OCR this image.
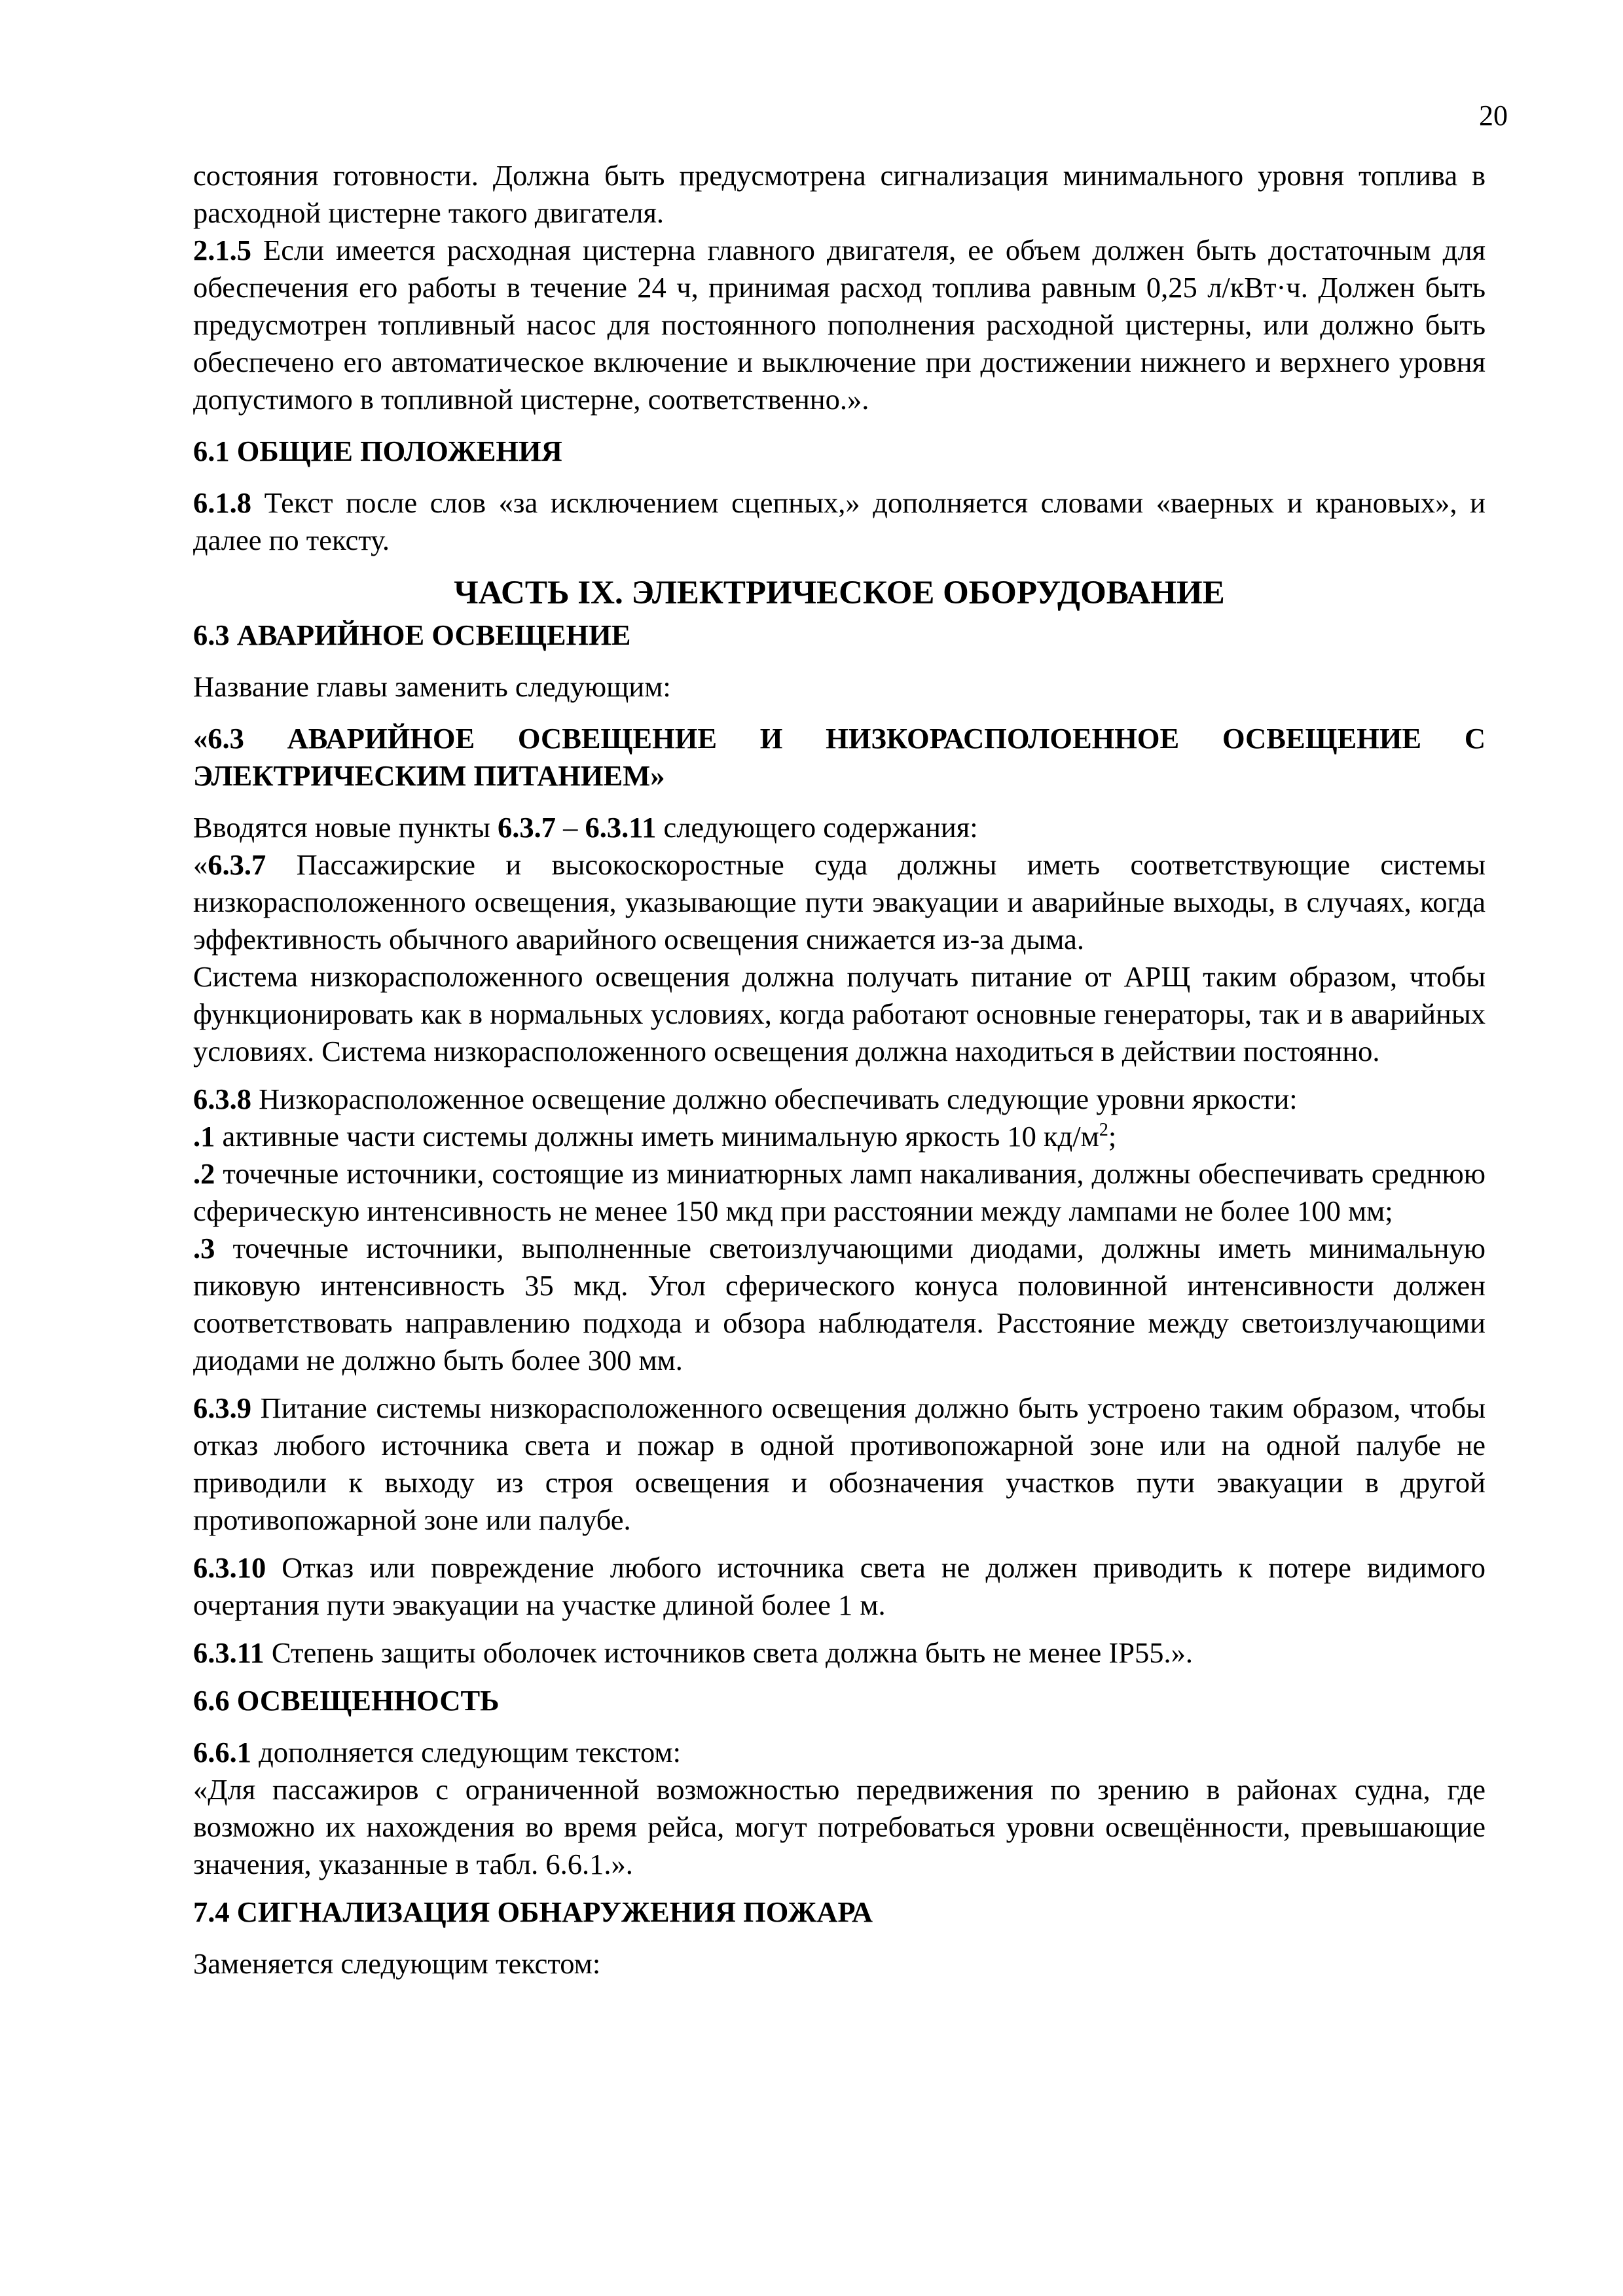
20

состояния готовности. Должна быть предусмотрена сигнализация минимального уровня топлива в расходной цистерне такого двигателя.

2.1.5 Если имеется расходная цистерна главного двигателя, ее объем должен быть достаточным для обеспечения его работы в течение 24 ч, принимая расход топлива равным 0,25 л/кВт·ч. Должен быть предусмотрен топливный насос для постоянного пополнения расходной цистерны, или должно быть обеспечено его автоматическое включение и выключение при достижении нижнего и верхнего уровня допустимого в топливной цистерне, соответственно.».

6.1 ОБЩИЕ ПОЛОЖЕНИЯ

6.1.8 Текст после слов «за исключением сцепных,» дополняется словами «ваерных и крановых», и далее по тексту.

ЧАСТЬ IX. ЭЛЕКТРИЧЕСКОЕ ОБОРУДОВАНИЕ
6.3 АВАРИЙНОЕ ОСВЕЩЕНИЕ

Название главы заменить следующим:

«6.3 АВАРИЙНОЕ ОСВЕЩЕНИЕ И НИЗКОРАСПОЛОЕННОЕ ОСВЕЩЕНИЕ С ЭЛЕКТРИЧЕСКИМ ПИТАНИЕМ»

Вводятся новые пункты 6.3.7 – 6.3.11 следующего содержания:

«6.3.7 Пассажирские и высокоскоростные суда должны иметь соответствующие системы низкорасположенного освещения, указывающие пути эвакуации и аварийные выходы, в случаях, когда эффективность обычного аварийного освещения снижается из-за дыма.

Система низкорасположенного освещения должна получать питание от АРЩ таким образом, чтобы функционировать как в нормальных условиях, когда работают основные генераторы, так и в аварийных условиях. Система низкорасположенного освещения должна находиться в действии постоянно.

6.3.8 Низкорасположенное освещение должно обеспечивать следующие уровни яркости:

.1 активные части системы должны иметь минимальную яркость 10 $кд/м^2$;

.2 точечные источники, состоящие из миниатюрных ламп накаливания, должны обеспечивать среднюю сферическую интенсивность не менее 150 мкд при расстоянии между лампами не более 100 мм;

.3 точечные источники, выполненные светоизлучающими диодами, должны иметь минимальную пиковую интенсивность 35 мкд. Угол сферического конуса половинной интенсивности должен соответствовать направлению подхода и обзора наблюдателя. Расстояние между светоизлучающими диодами не должно быть более 300 мм.

6.3.9 Питание системы низкорасположенного освещения должно быть устроено таким образом, чтобы отказ любого источника света и пожар в одной противопожарной зоне или на одной палубе не приводили к выходу из строя освещения и обозначения участков пути эвакуации в другой противопожарной зоне или палубе.

6.3.10 Отказ или повреждение любого источника света не должен приводить к потере видимого очертания пути эвакуации на участке длиной более 1 м.

6.3.11 Степень защиты оболочек источников света должна быть не менее IP55.».

6.6 ОСВЕЩЕННОСТЬ

6.6.1 дополняется следующим текстом:

«Для пассажиров с ограниченной возможностью передвижения по зрению в районах судна, где возможно их нахождения во время рейса, могут потребоваться уровни освещённости, превышающие значения, указанные в табл. 6.6.1.».

7.4 СИГНАЛИЗАЦИЯ ОБНАРУЖЕНИЯ ПОЖАРА

Заменяется следующим текстом:
